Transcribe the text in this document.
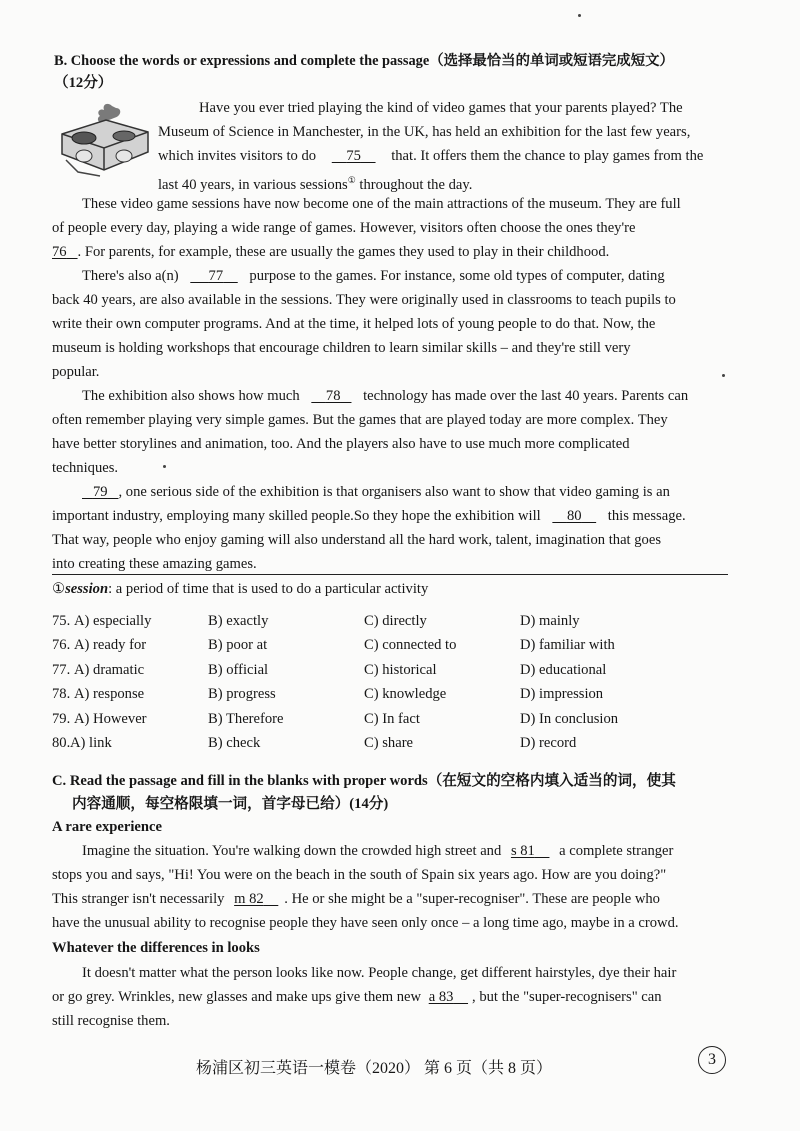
B. Choose the words or expressions and complete the passage（选择最恰当的单词或短语完成短文）
（12分）
Have you ever tried playing the kind of video games that your parents played? The
Museum of Science in Manchester, in the UK, has held an exhibition for the last few years,
which invites visitors to do 75 that. It offers them the chance to play games from the
last 40 years, in various sessions① throughout the day.
These video game sessions have now become one of the main attractions of the museum. They are full
of people every day, playing a wide range of games. However, visitors often choose the ones they're
76 . For parents, for example, these are usually the games they used to play in their childhood.
There's also a(n) 77 purpose to the games. For instance, some old types of computer, dating
back 40 years, are also available in the sessions. They were originally used in classrooms to teach pupils to
write their own computer programs. And at the time, it helped lots of young people to do that. Now, the
museum is holding workshops that encourage children to learn similar skills – and they're still very
popular.
The exhibition also shows how much 78 technology has made over the last 40 years. Parents can
often remember playing very simple games. But the games that are played today are more complex. They
have better storylines and animation, too. And the players also have to use much more complicated
techniques.
79 , one serious side of the exhibition is that organisers also want to show that video gaming is an
important industry, employing many skilled people.So they hope the exhibition will 80 this message.
That way, people who enjoy gaming will also understand all the hard work, talent, imagination that goes
into creating these amazing games.
①session: a period of time that is used to do a particular activity
75. A) especially	B) exactly	C) directly	D) mainly
76. A) ready for	B) poor at	C) connected to	D) familiar with
77. A) dramatic	B) official	C) historical	D) educational
78. A) response	B) progress	C) knowledge	D) impression
79. A) However	B) Therefore	C) In fact	D) In conclusion
80. A) link	B) check	C) share	D) record
C. Read the passage and fill in the blanks with proper words（在短文的空格内填入适当的词，使其
内容通顺，每空格限填一词，首字母已给）(14分)
A rare experience
Imagine the situation. You're walking down the crowded high street and s 81 a complete stranger
stops you and says, "Hi! You were on the beach in the south of Spain six years ago. How are you doing?"
This stranger isn't necessarily m 82 . He or she might be a "super-recogniser". These are people who
have the unusual ability to recognise people they have seen only once – a long time ago, maybe in a crowd.
Whatever the differences in looks
It doesn't matter what the person looks like now. People change, get different hairstyles, dye their hair
or go grey. Wrinkles, new glasses and make ups give them new a 83 , but the "super-recognisers" can
still recognise them.
杨浦区初三英语一模卷（2020） 第 6 页（共 8 页）
3
